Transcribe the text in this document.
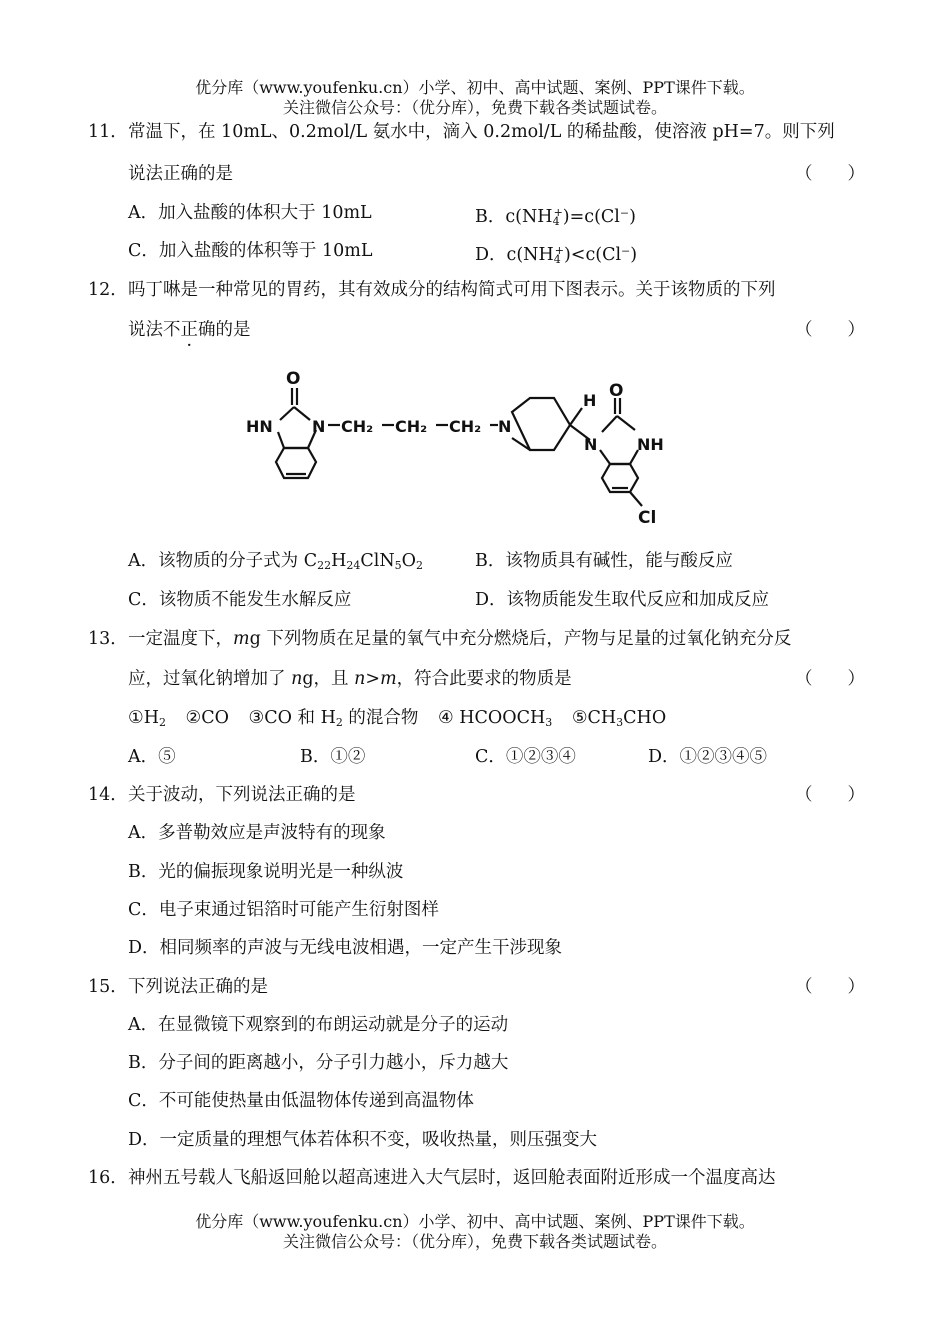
优分库（www.youfenku.cn）小学、初中、高中试题、案例、PPT课件下载。
关注微信公众号：（优分库），免费下载各类试题试卷。
11．常温下，在 10mL、0.2mol/L 氨水中，滴入 0.2mol/L 的稀盐酸，使溶液 pH=7。则下列
说法正确的是	（　　）
A．加入盐酸的体积大于 10mL	B．$c(NH_4^+)=c(Cl^-)$
C．加入盐酸的体积等于 10mL	D．$c(NH_4^+)<c(Cl^-)$
12．吗丁啉是一种常见的胃药，其有效成分的结构简式可用下图表示。关于该物质的下列
说法不正确的是	（　　）
O
HN N CH₂ CH₂ CH₂ N
H O
N NH
Cl
A．该物质的分子式为 $C_{22}H_{24}ClN_5O_2$	B．该物质具有碱性，能与酸反应
C．该物质不能发生水解反应	D．该物质能发生取代反应和加成反应
13．一定温度下，mg 下列物质在足量的氧气中充分燃烧后，产物与足量的过氧化钠充分反
应，过氧化钠增加了 ng，且 n>m，符合此要求的物质是	（　　）
$①H_2$ ②CO ③CO 和 $H_2$ 的混合物 ④ $HCOOCH_3$ $⑤CH_3CHO$
A．⑤	B．①②	C．①②③④	D．①②③④⑤
14．关于波动，下列说法正确的是	（　　）
A．多普勒效应是声波特有的现象
B．光的偏振现象说明光是一种纵波
C．电子束通过铝箔时可能产生衍射图样
D．相同频率的声波与无线电波相遇，一定产生干涉现象
15．下列说法正确的是	（　　）
A．在显微镜下观察到的布朗运动就是分子的运动
B．分子间的距离越小，分子引力越小，斥力越大
C．不可能使热量由低温物体传递到高温物体
D．一定质量的理想气体若体积不变，吸收热量，则压强变大
16．神州五号载人飞船返回舱以超高速进入大气层时，返回舱表面附近形成一个温度高达
优分库（www.youfenku.cn）小学、初中、高中试题、案例、PPT课件下载。
关注微信公众号：（优分库），免费下载各类试题试卷。
